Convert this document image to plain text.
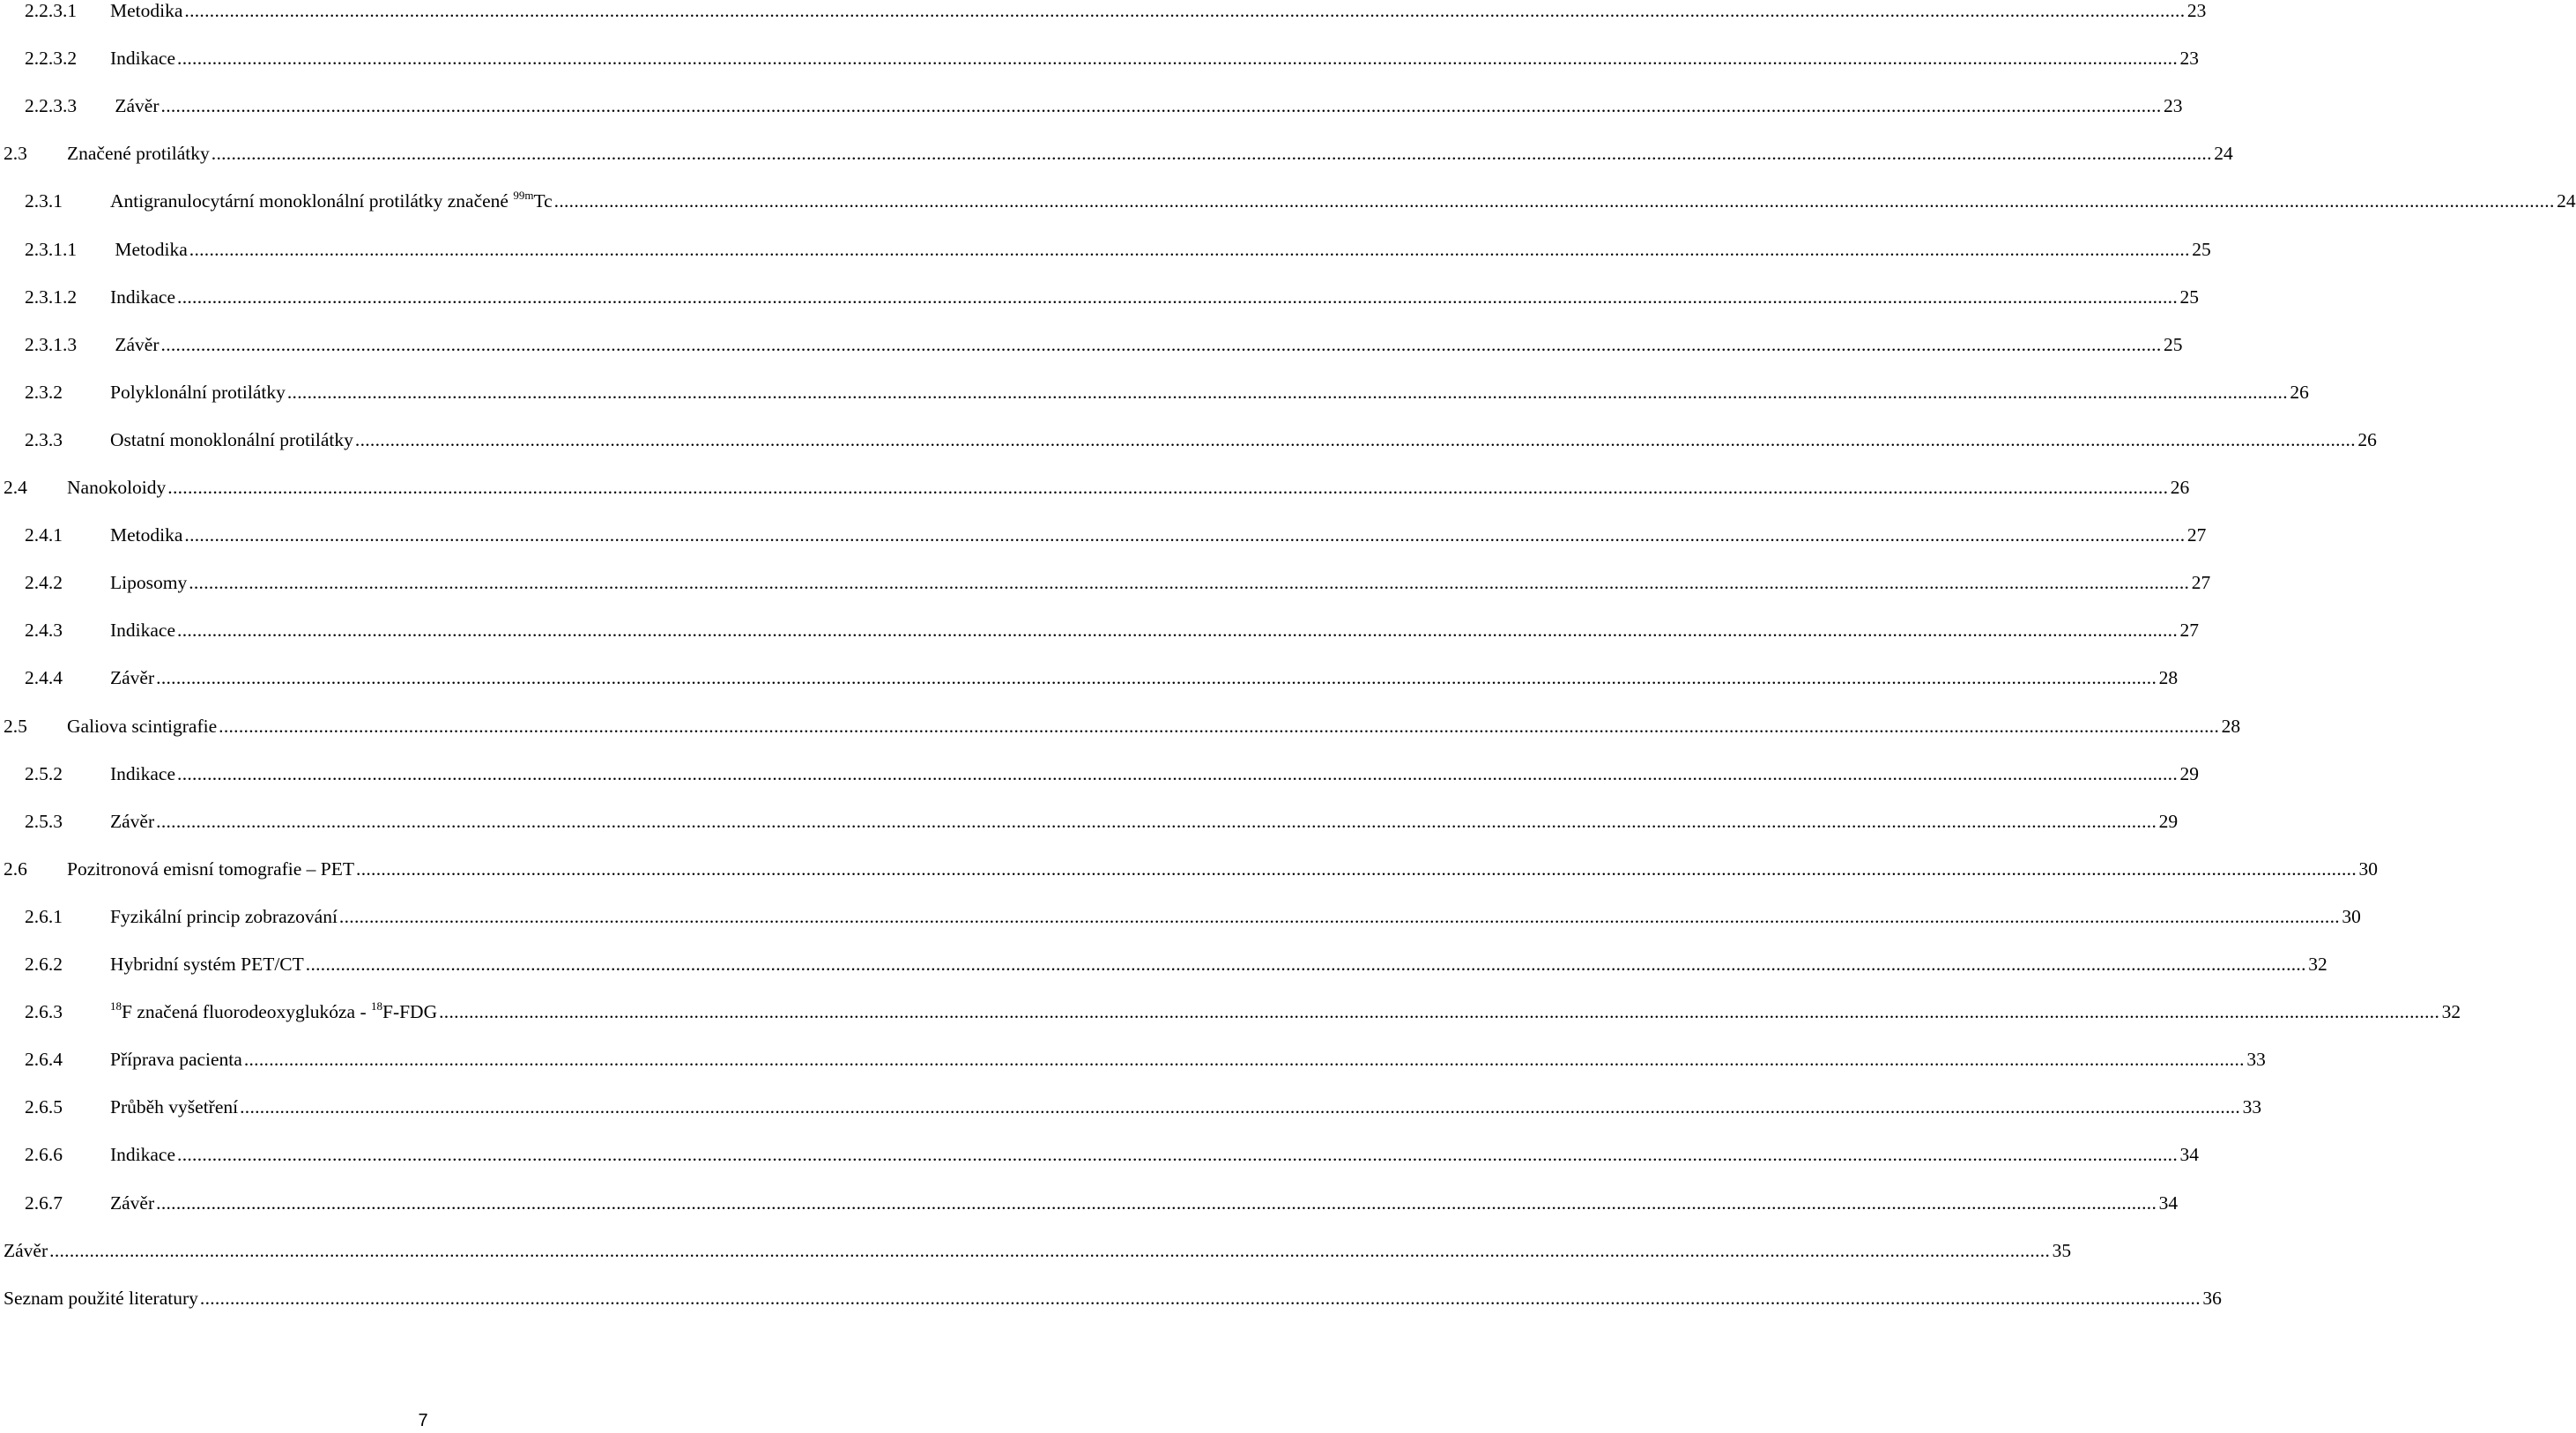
2.2.3.1 Metodika ................................................................................................................................................................................................................................................................................................................................................................................................................ 23
2.2.3.2 Indikace ................................................................................................................................................................................................................................................................................................................................................................................................................ 23
2.2.3.3 Závěr ................................................................................................................................................................................................................................................................................................................................................................................................................ 23
2.3 Značené protilátky ................................................................................................................................................................................................................................................................................................................................................................................................................ 24
2.3.1	Antigranulocytární monoklonální protilátky značené $^{99m}$Tc ................................................................................................................................................................................................................................................................................................................................................................................................................ 24
2.3.1.1 Metodika ................................................................................................................................................................................................................................................................................................................................................................................................................ 25
2.3.1.2 Indikace ................................................................................................................................................................................................................................................................................................................................................................................................................ 25
2.3.1.3 Závěr ................................................................................................................................................................................................................................................................................................................................................................................................................ 25
2.3.2	Polyklonální protilátky ................................................................................................................................................................................................................................................................................................................................................................................................................ 26
2.3.3	Ostatní monoklonální protilátky ................................................................................................................................................................................................................................................................................................................................................................................................................ 26
2.4 Nanokoloidy ................................................................................................................................................................................................................................................................................................................................................................................................................ 26
2.4.1	Metodika ................................................................................................................................................................................................................................................................................................................................................................................................................ 27
2.4.2	Liposomy ................................................................................................................................................................................................................................................................................................................................................................................................................ 27
2.4.3	Indikace ................................................................................................................................................................................................................................................................................................................................................................................................................ 27
2.4.4	Závěr ................................................................................................................................................................................................................................................................................................................................................................................................................ 28
2.5 Galiova scintigrafie ................................................................................................................................................................................................................................................................................................................................................................................................................ 28
2.5.2	Indikace ................................................................................................................................................................................................................................................................................................................................................................................................................ 29
2.5.3	Závěr ................................................................................................................................................................................................................................................................................................................................................................................................................ 29
2.6 Pozitronová emisní tomografie – PET ................................................................................................................................................................................................................................................................................................................................................................................................................ 30
2.6.1	Fyzikální princip zobrazování ................................................................................................................................................................................................................................................................................................................................................................................................................ 30
2.6.2	Hybridní systém PET/CT ................................................................................................................................................................................................................................................................................................................................................................................................................ 32
2.6.3	$^{18}$F značená fluorodeoxyglukóza - $^{18}$F-FDG ................................................................................................................................................................................................................................................................................................................................................................................................................ 32
2.6.4	Příprava pacienta ................................................................................................................................................................................................................................................................................................................................................................................................................ 33
2.6.5	Průběh vyšetření ................................................................................................................................................................................................................................................................................................................................................................................................................ 33
2.6.6	Indikace ................................................................................................................................................................................................................................................................................................................................................................................................................ 34
2.6.7	Závěr ................................................................................................................................................................................................................................................................................................................................................................................................................ 34
Závěr ................................................................................................................................................................................................................................................................................................................................................................................................................ 35
Seznam použité literatury ................................................................................................................................................................................................................................................................................................................................................................................................................ 36
7
